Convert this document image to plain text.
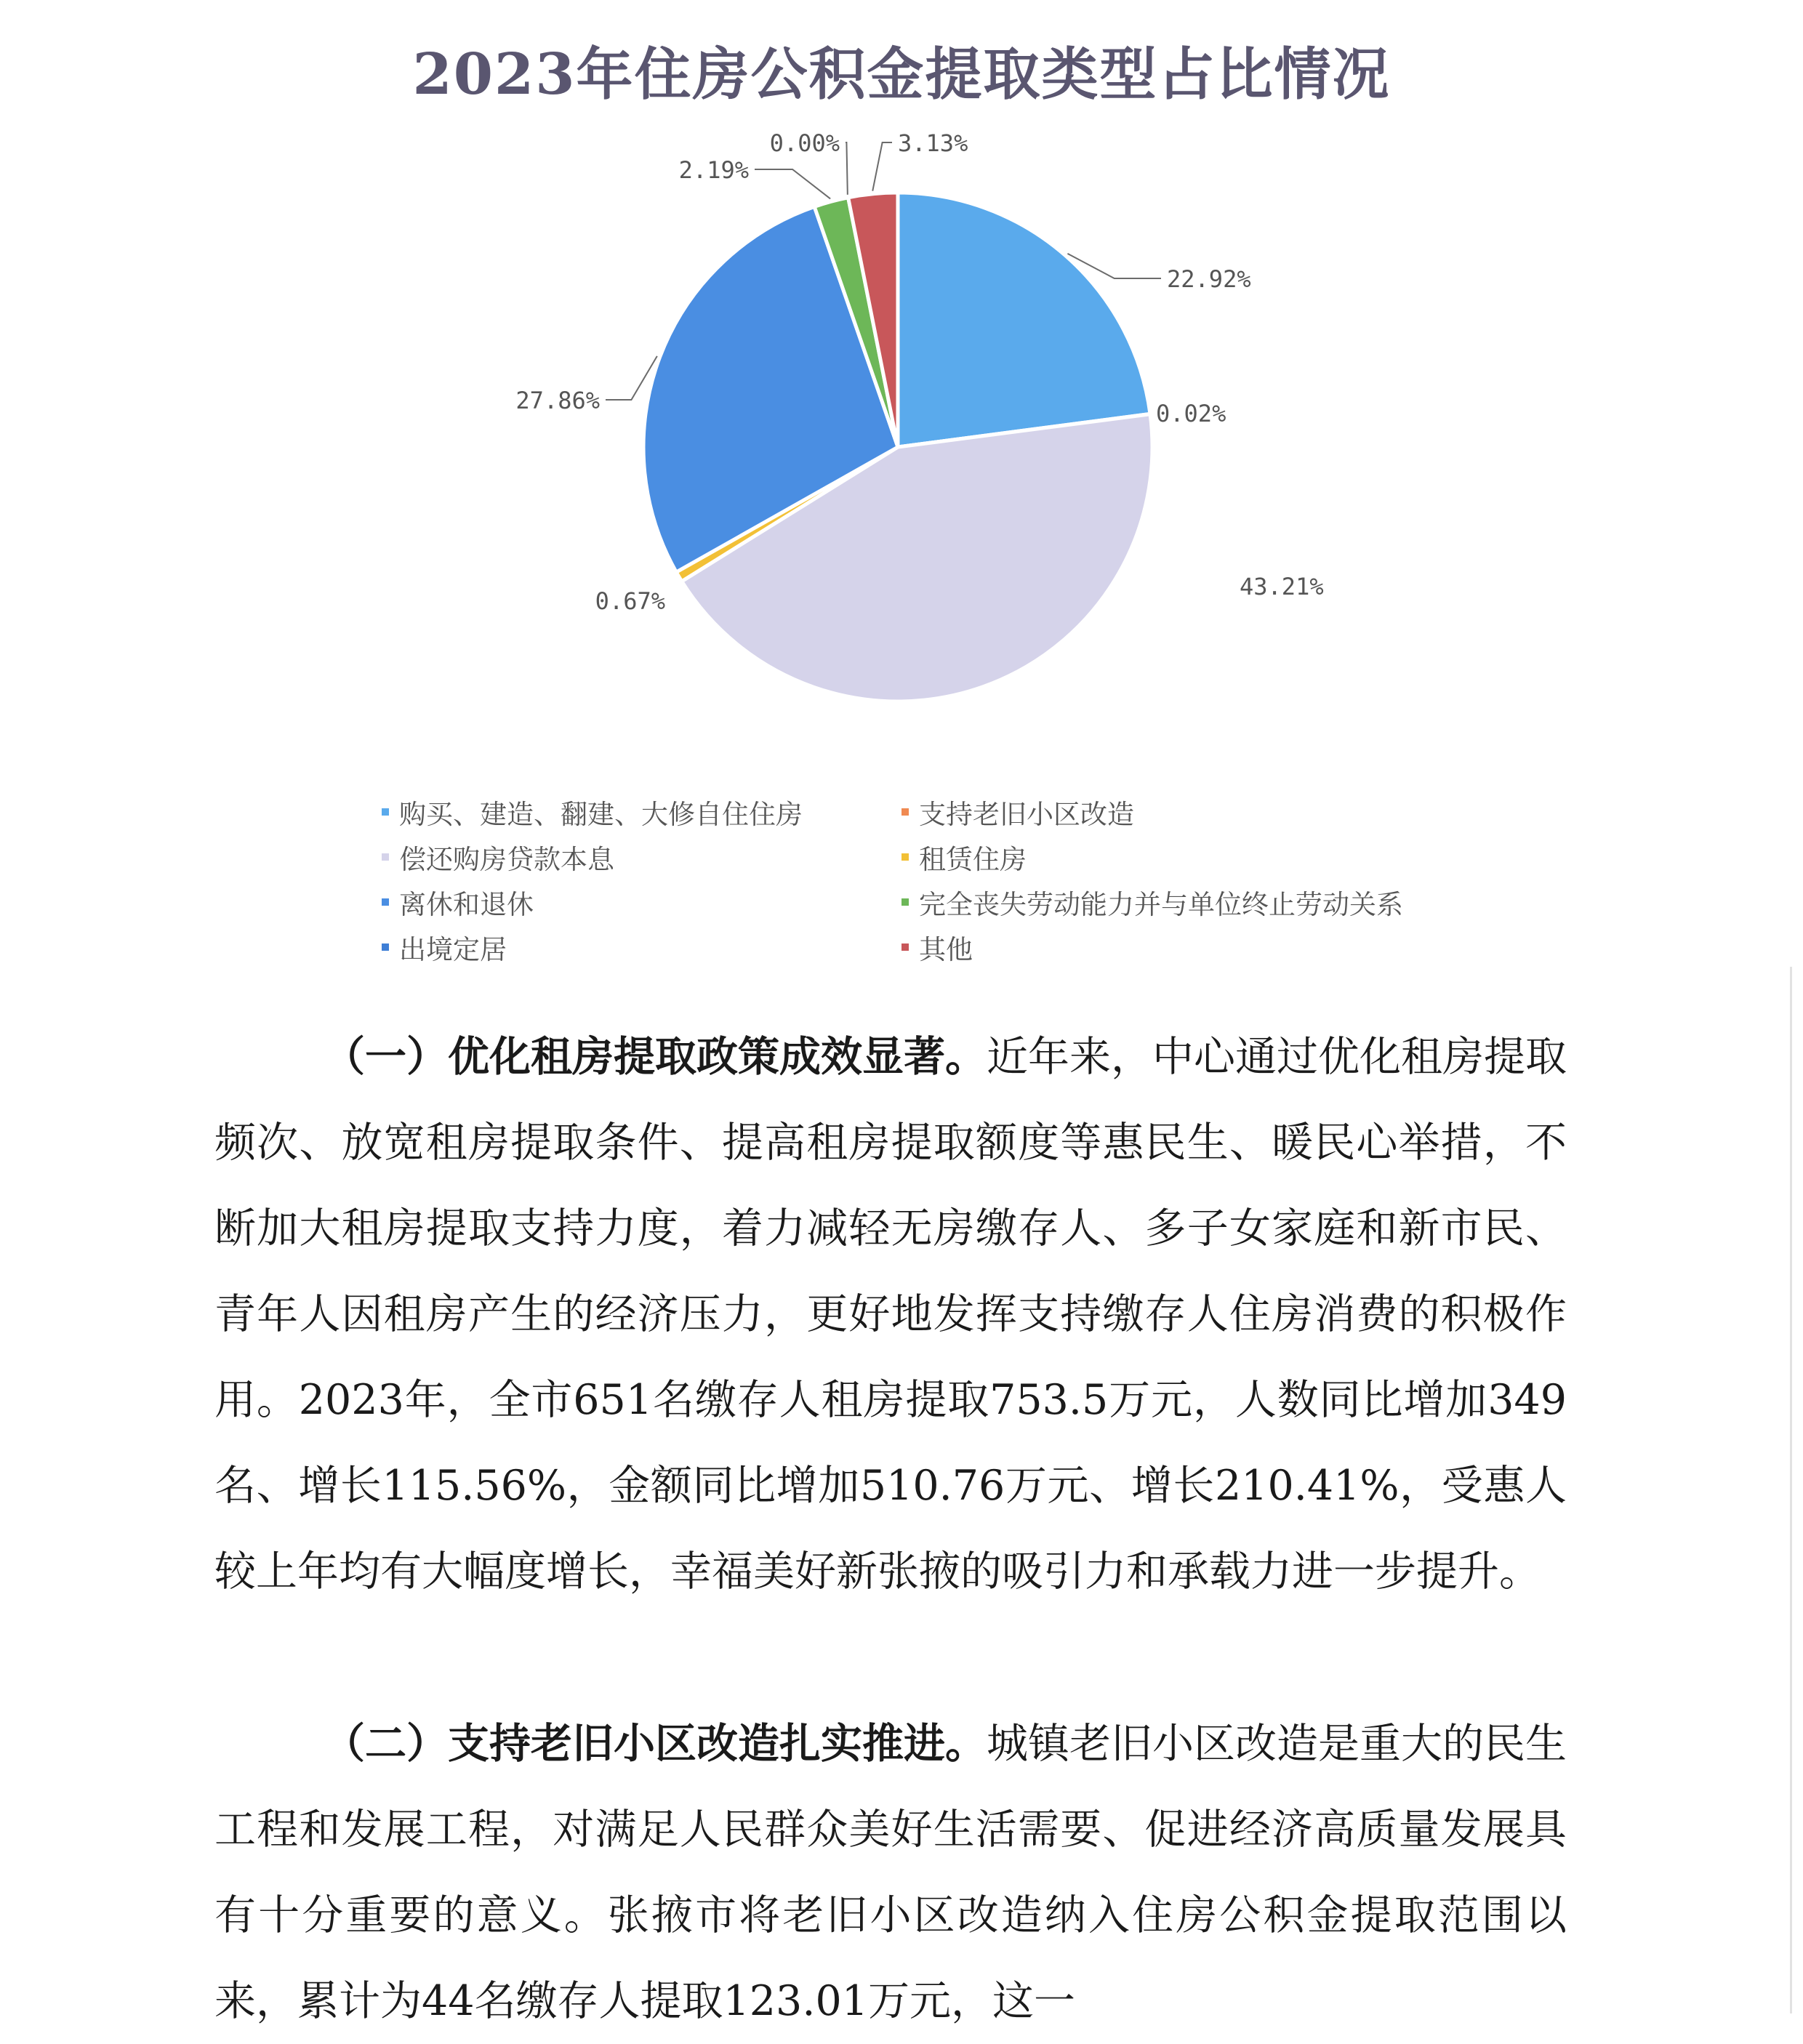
2023年住房公积金提取类型占比情况
22.92%
0.02%
43.21%
0.67%
27.86%
2.19%
0.00%	3.13%
购买、建造、翻建、大修自住住房	支持老旧小区改造
偿还购房贷款本息	租赁住房
离休和退休	完全丧失劳动能力并与单位终止劳动关系
出境定居	其他

（一）优化租房提取政策成效显著。近年来，中心通过优化租房提取频次、放宽租房提取条件、提高租房提取额度等惠民生、暖民心举措，不断加大租房提取支持力度，着力减轻无房缴存人、多子女家庭和新市民、青年人因租房产生的经济压力，更好地发挥支持缴存人住房消费的积极作用。2023年，全市651名缴存人租房提取753.5万元，人数同比增加349名、增长115.56%，金额同比增加510.76万元、增长210.41%，受惠人较上年均有大幅度增长，幸福美好新张掖的吸引力和承载力进一步提升。

（二）支持老旧小区改造扎实推进。城镇老旧小区改造是重大的民生工程和发展工程，对满足人民群众美好生活需要、促进经济高质量发展具有十分重要的意义。张掖市将老旧小区改造纳入住房公积金提取范围以来，累计为44名缴存人提取123.01万元，这一
